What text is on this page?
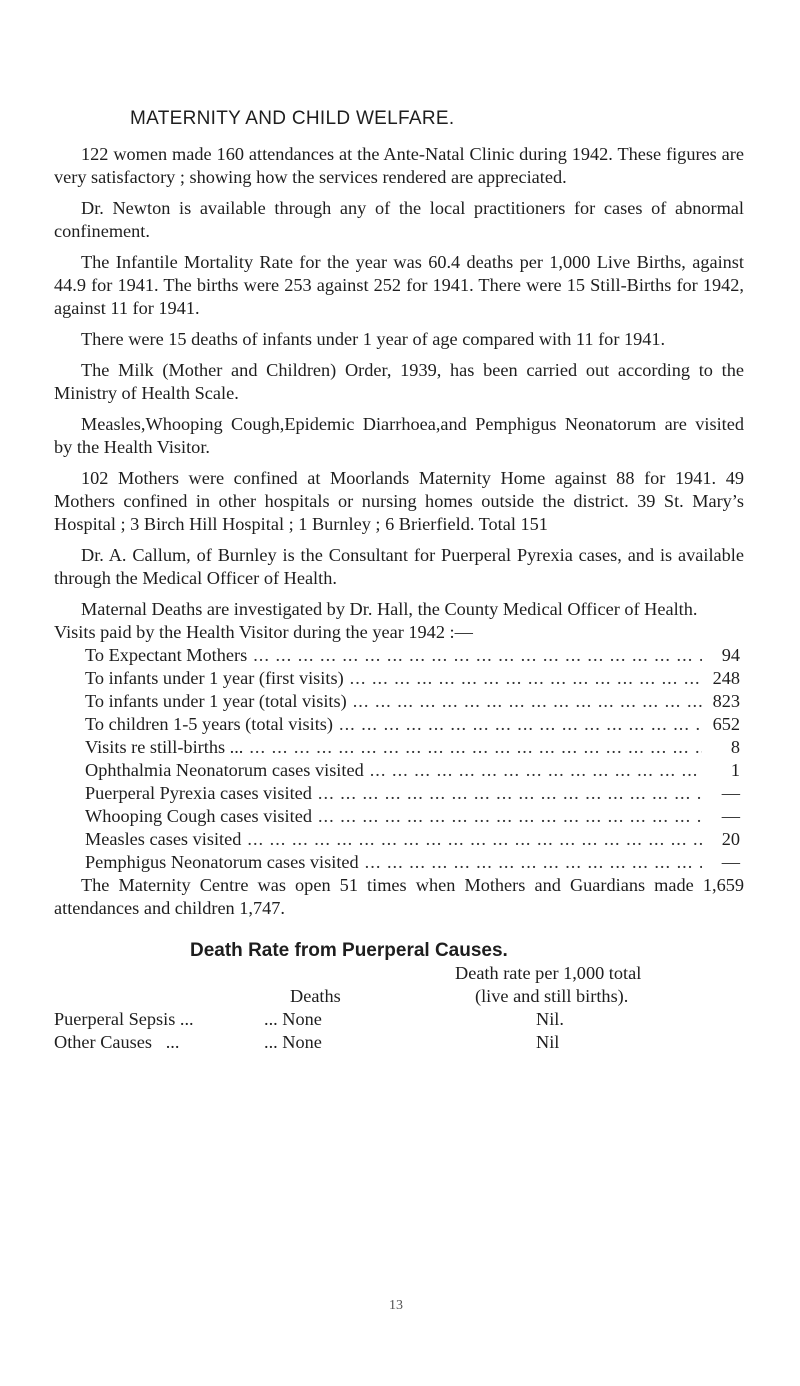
MATERNITY AND CHILD WELFARE.

122 women made 160 attendances at the Ante-Natal Clinic during 1942. These figures are very satisfactory ; showing how the services rendered are appreciated.

Dr. Newton is available through any of the local practitioners for cases of abnormal confinement.

The Infantile Mortality Rate for the year was 60.4 deaths per 1,000 Live Births, against 44.9 for 1941. The births were 253 against 252 for 1941. There were 15 Still-Births for 1942, against 11 for 1941.

There were 15 deaths of infants under 1 year of age compared with 11 for 1941.

The Milk (Mother and Children) Order, 1939, has been carried out according to the Ministry of Health Scale.

Measles,Whooping Cough,Epidemic Diarrhoea,and Pemphigus Neonatorum are visited by the Health Visitor.

102 Mothers were confined at Moorlands Maternity Home against 88 for 1941. 49 Mothers confined in other hospitals or nursing homes outside the district. 39 St. Mary’s Hospital ; 3 Birch Hill Hospital ; 1 Burnley ; 6 Brierfield. Total 151

Dr. A. Callum, of Burnley is the Consultant for Puerperal Pyrexia cases, and is available through the Medical Officer of Health.

Maternal Deaths are investigated by Dr. Hall, the County Medical Officer of Health.

Visits paid by the Health Visitor during the year 1942 :—

To Expectant Mothers ... .	94
To infants under 1 year (first visits) ... .	248
To infants under 1 year (total visits) ... .	823
To children 1-5 years (total visits) ... .	652
Visits re still-births ... ... .	8
Ophthalmia Neonatorum cases visited ... .	1
Puerperal Pyrexia cases visited ... .	—
Whooping Cough cases visited ... .	—
Measles cases visited ... .	20
Pemphigus Neonatorum cases visited ... .	—

The Maternity Centre was open 51 times when Mothers and Guardians made 1,659 attendances and children 1,747.

Death Rate from Puerperal Causes.
Death rate per 1,000 total
Deaths	(live and still births).
Puerperal Sepsis ...	... None	Nil.
Other Causes   ...	... None	Nil
13
